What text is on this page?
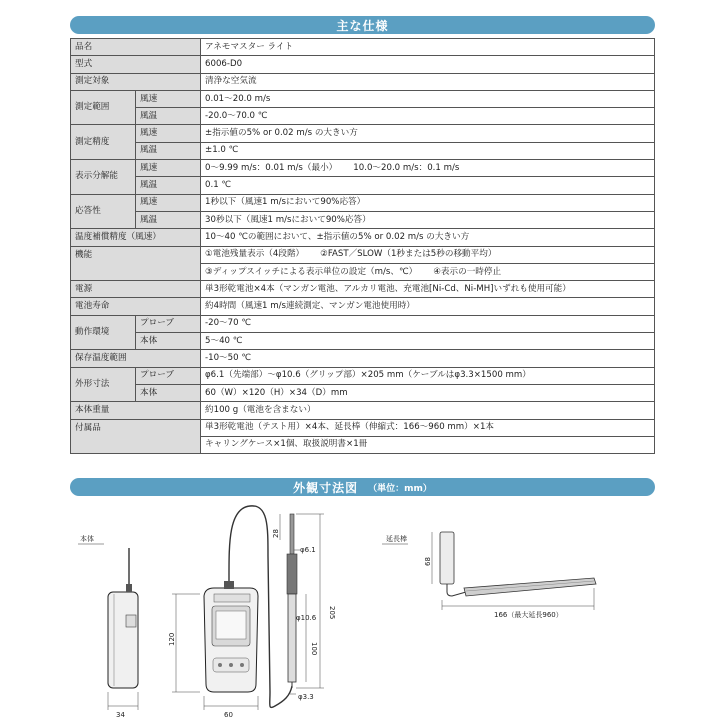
主な仕様
品名		アネモマスター ライト
型式		6006-D0
測定対象		清浄な空気流
測定範囲	風速	0.01～20.0 m/s
	風温	-20.0～70.0 ℃
測定精度	風速	±指示値の5% or 0.02 m/s の大きい方
	風温	±1.0 ℃
表示分解能	風速	0～9.99 m/s：0.01 m/s（最小） 10.0～20.0 m/s：0.1 m/s
	風温	0.1 ℃
応答性	風速	1秒以下（風速1 m/sにおいて90%応答）
	風温	30秒以下（風速1 m/sにおいて90%応答）
温度補償精度（風速）		10～40 ℃の範囲において、±指示値の5% or 0.02 m/s の大きい方
機能		①電池残量表示（4段階） ②FAST／SLOW（1秒または5秒の移動平均）
		③ディップスイッチによる表示単位の設定（m/s、℃） ④表示の一時停止
電源		単3形乾電池×4本（マンガン電池、アルカリ電池、充電池[Ni-Cd、Ni-MH]いずれも使用可能）
電池寿命		約4時間（風速1 m/s連続測定、マンガン電池使用時）
動作環境	プローブ	-20～70 ℃
	本体	5～40 ℃
保存温度範囲		-10～50 ℃
外形寸法	プローブ	φ6.1（先端部）～φ10.6（グリップ部）×205 mm（ケーブルはφ3.3×1500 mm）
	本体	60（W）×120（H）×34（D）mm
本体重量		約100 g（電池を含まない）
付属品		単3形乾電池（テスト用）×4本、延長棒（伸縮式：166～960 mm）×1本
		キャリングケース×1個、取扱説明書×1冊
外観寸法図 （単位：mm）
本体
34
120
60
28
φ6.1
205
100
φ10.6
φ3.3
延長棒
68
166（最大延長960）
